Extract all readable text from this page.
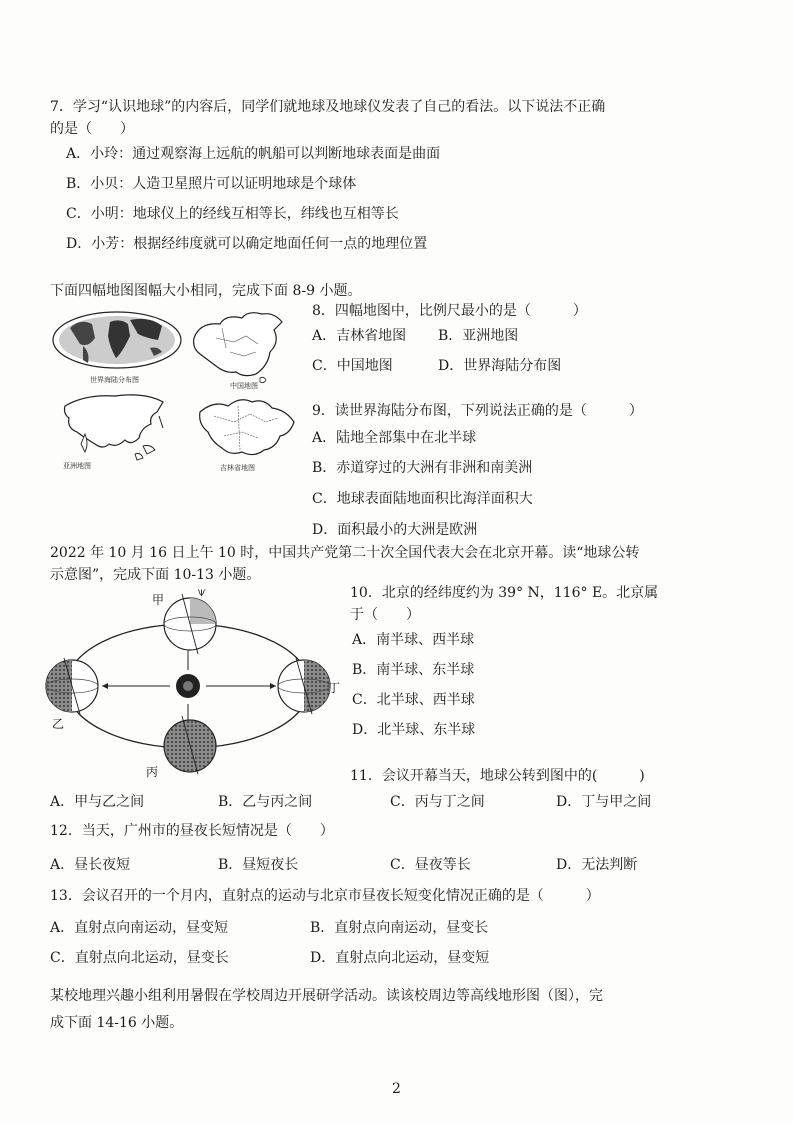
7．学习“认识地球”的内容后，同学们就地球及地球仪发表了自己的看法。以下说法不正确
的是（　　）
A．小玲：通过观察海上远航的帆船可以判断地球表面是曲面
B．小贝：人造卫星照片可以证明地球是个球体
C．小明：地球仪上的经线互相等长，纬线也互相等长
D．小芳：根据经纬度就可以确定地面任何一点的地理位置
下面四幅地图图幅大小相同，完成下面 8-9 小题。
世界海陆分布图
中国地图
亚洲地图	吉林省地图
8．四幅地图中，比例尺最小的是（　　　）
A．吉林省地图 B．亚洲地图
C．中国地图	D．世界海陆分布图
9．读世界海陆分布图，下列说法正确的是（　　　）
A．陆地全部集中在北半球
B．赤道穿过的大洲有非洲和南美洲
C．地球表面陆地面积比海洋面积大
D．面积最小的大洲是欧洲
2022 年 10 月 16 日上午 10 时，中国共产党第二十次全国代表大会在北京开幕。读“地球公转
示意图”，完成下面 10-13 小题。
Ѱ
甲
乙
丙
丁
10．北京的经纬度约为 39° N，116° E。北京属
于（　　）
A．南半球、西半球
B．南半球、东半球
C．北半球、西半球
D．北半球、东半球
11．会议开幕当天，地球公转到图中的(　　　)
A．甲与乙之间	B．乙与丙之间	C．丙与丁之间	D．丁与甲之间
12．当天，广州市的昼夜长短情况是（　　）
A．昼长夜短	B．昼短夜长	C．昼夜等长	D．无法判断
13．会议召开的一个月内，直射点的运动与北京市昼夜长短变化情况正确的是（　　　）
A．直射点向南运动，昼变短	B．直射点向南运动，昼变长
C．直射点向北运动，昼变长	D．直射点向北运动，昼变短
某校地理兴趣小组利用暑假在学校周边开展研学活动。读该校周边等高线地形图（图），完
成下面 14-16 小题。
2
